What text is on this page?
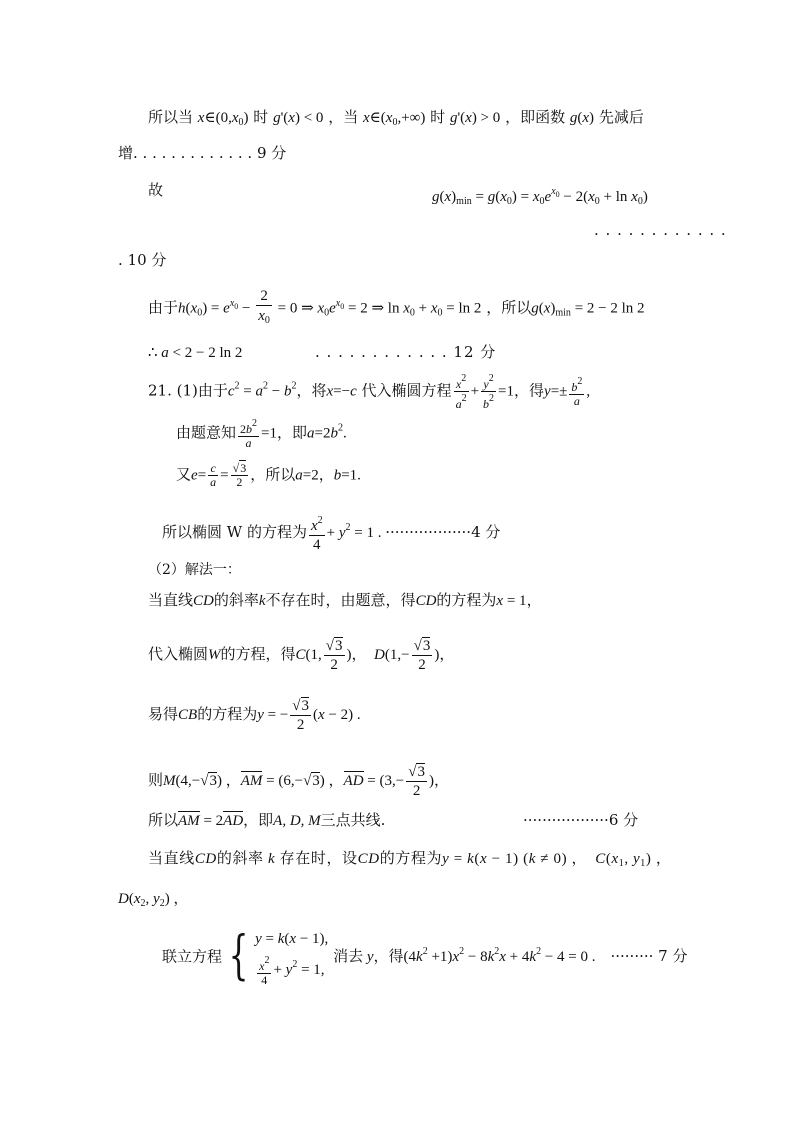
所以当 $x\in(0,x_0)$ 时 g'(x) < 0 ，当 $x\in(x_0,+\infty)$ 时 g'(x) > 0 ，即函数 g(x) 先减后
增. . . . . . . . . . . . . 9 分
故	$g(x)_{min} = g(x_0) = x_0e^{x_0} - 2(x_0 + \ln x_0)$
. . . . . . . . . . . .
. 10 分
由于$h(x_0) = e^{x_0} - \frac{2}{x_0} = 0$ ⇒ $x_0e^{x_0} = 2$ ⇒ $\ln x_0 + x_0 = \ln 2$ ，所以$g(x)_{min} = 2 - 2$ ln 2
∴ a < 2 − 2 ln 2	. . . . . . . . . . . . 12 分
21. (1)由于$c^2 = a^2 - b^2$，将x=−c 代入椭圆方程 $\frac{x^2}{a^2} + \frac{y^2}{b^2} =1$，得$y=\pm \frac{b^2}{a}$ ,
由题意知 $\frac{2b^2}{a} =1$，即$a=2b^2$.
又$e= \frac{c}{a} = \frac{√3}{2}$ ，所以a=2，b=1.
所以椭圆 W 的方程为 $\frac{x^2}{4} + y^2 = 1$ . ··················4 分
（2）解法一：
当直线CD的斜率k不存在时，由题意，得CD的方程为x = 1，
代入椭圆W的方程，得C(1, $\frac{√3}{2}$ )，　$D(1,- \frac{√3}{2}$ )，
易得CB的方程为y = − $\frac{√3}{2} (x - 2)$ .
则M(4,−√3) ，AM = (6,−√3) ，AD = ($3,- \frac{√3}{2}$ )，
所以AM = 2AD，即A, D, M三点共线.	··················6 分
当直线CD的斜率 k 存在时，设CD的方程为y = k(x − 1) (k ≠ 0) ，　$C(x_1$, $y_1$) ，
$D(x_2$, $y_2$) ，
联立方程 { y = k(x − 1),
$\frac{x^2}{4} + y^2 = 1$,
消去 y，得$(4k^2 +1)x^2 - 8k^2x + 4k^2 - 4 = 0$ .　········· 7 分
